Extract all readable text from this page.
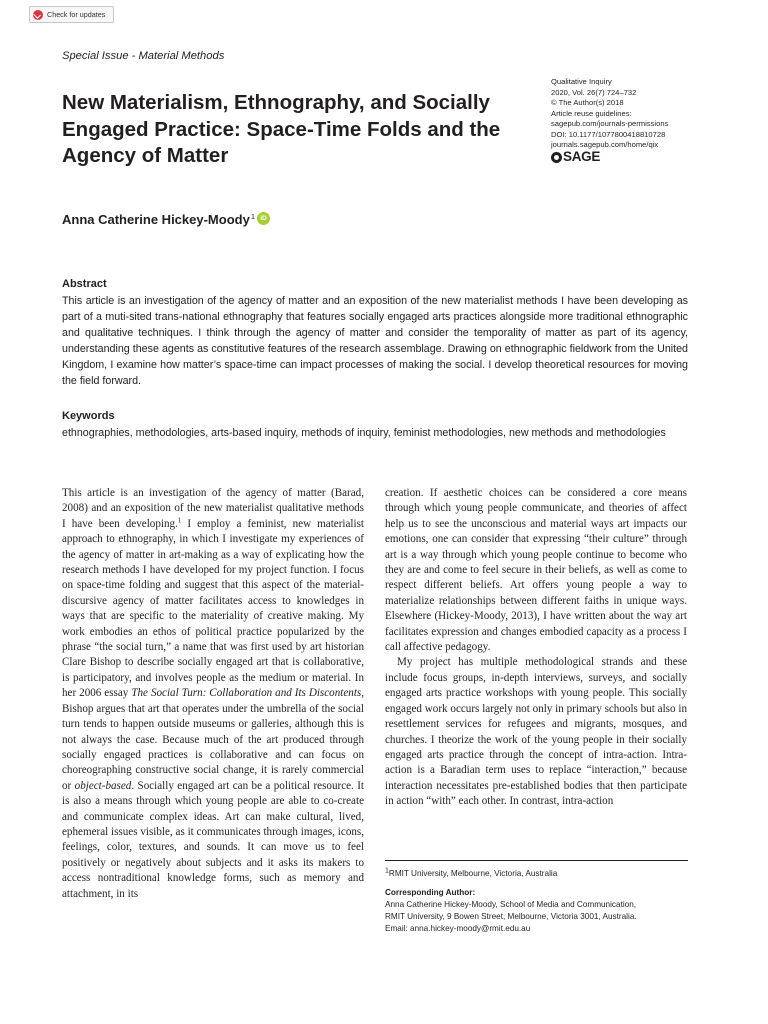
Check for updates
Special Issue - Material Methods
New Materialism, Ethnography, and Socially Engaged Practice: Space-Time Folds and the Agency of Matter
Qualitative Inquiry
2020, Vol. 26(7) 724–732
© The Author(s) 2018
Article reuse guidelines:
sagepub.com/journals-permissions
DOI: 10.1177/1077800418810728
journals.sagepub.com/home/qix
SAGE
Anna Catherine Hickey-Moody 1 iD
Abstract
This article is an investigation of the agency of matter and an exposition of the new materialist methods I have been developing as part of a muti-sited trans-national ethnography that features socially engaged arts practices alongside more traditional ethnographic and qualitative techniques. I think through the agency of matter and consider the temporality of matter as part of its agency, understanding these agents as constitutive features of the research assemblage. Drawing on ethnographic fieldwork from the United Kingdom, I examine how matter’s space-time can impact processes of making the social. I develop theoretical resources for moving the field forward.
Keywords
ethnographies, methodologies, arts-based inquiry, methods of inquiry, feminist methodologies, new methods and methodologies

This article is an investigation of the agency of matter (Barad, 2008) and an exposition of the new materialist qualitative methods I have been developing.$^1$ I employ a feminist, new materialist approach to ethnography, in which I investigate my experiences of the agency of matter in art-making as a way of explicating how the research methods I have developed for my project function. I focus on space-time folding and suggest that this aspect of the material-discursive agency of matter facilitates access to knowledges in ways that are specific to the materiality of creative making. My work embodies an ethos of political practice popularized by the phrase “the social turn,” a name that was first used by art historian Clare Bishop to describe socially engaged art that is collaborative, is participatory, and involves people as the medium or material. In her 2006 essay The Social Turn: Collaboration and Its Discontents, Bishop argues that art that operates under the umbrella of the social turn tends to happen outside museums or galleries, although this is not always the case. Because much of the art produced through socially engaged practices is collaborative and can focus on choreographing constructive social change, it is rarely commercial or object-based. Socially engaged art can be a political resource. It is also a means through which young people are able to co-create and communicate complex ideas. Art can make cultural, lived, ephemeral issues visible, as it communicates through images, icons, feelings, color, textures, and sounds. It can move us to feel positively or negatively about subjects and it asks its makers to access nontraditional knowledge forms, such as memory and attachment, in its

creation. If aesthetic choices can be considered a core means through which young people communicate, and theories of affect help us to see the unconscious and material ways art impacts our emotions, one can consider that expressing “their culture” through art is a way through which young people continue to become who they are and come to feel secure in their beliefs, as well as come to respect different beliefs. Art offers young people a way to materialize relationships between different faiths in unique ways. Elsewhere (Hickey-Moody, 2013), I have written about the way art facilitates expression and changes embodied capacity as a process I call affective pedagogy.

My project has multiple methodological strands and these include focus groups, in-depth interviews, surveys, and socially engaged arts practice workshops with young people. This socially engaged work occurs largely not only in primary schools but also in resettlement services for refugees and migrants, mosques, and churches. I theorize the work of the young people in their socially engaged arts practice through the concept of intra-action. Intra-action is a Baradian term uses to replace “interaction,” because interaction necessitates pre-established bodies that then participate in action “with” each other. In contrast, intra-action

$^1$RMIT University, Melbourne, Victoria, Australia
Corresponding Author:
Anna Catherine Hickey-Moody, School of Media and Communication,
RMIT University, 9 Bowen Street, Melbourne, Victoria 3001, Australia.
Email: anna.hickey-moody@rmit.edu.au
